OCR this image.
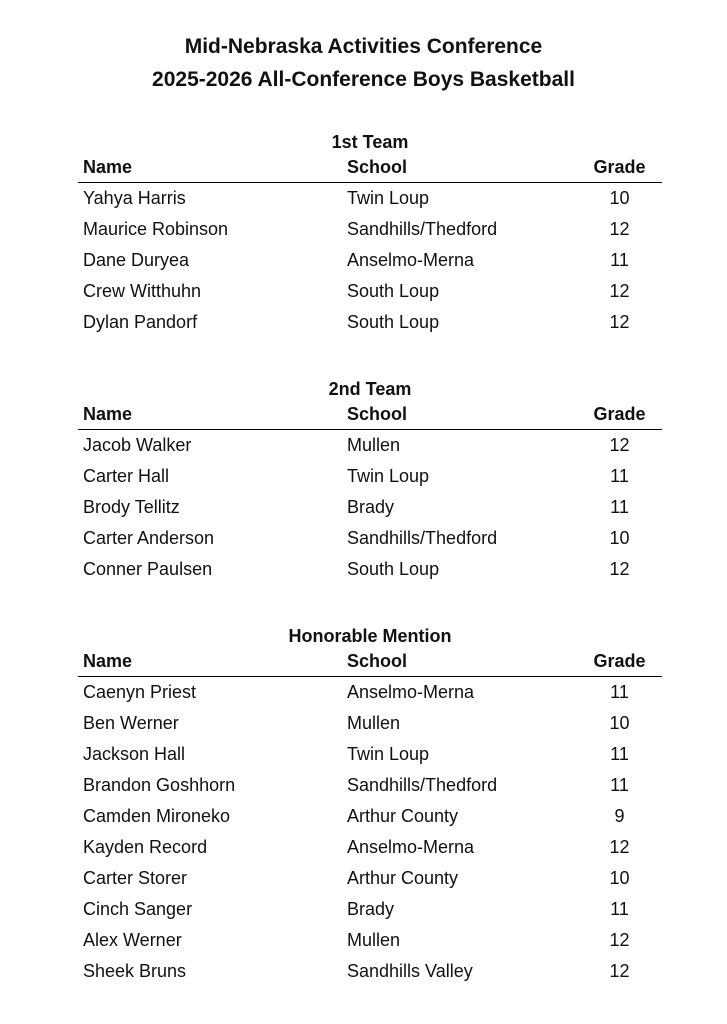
Mid-Nebraska Activities Conference
2025-2026 All-Conference Boys Basketball
1st Team
Name	School	Grade
Yahya Harris	Twin Loup	10
Maurice Robinson	Sandhills/Thedford	12
Dane Duryea	Anselmo-Merna	11
Crew Witthuhn	South Loup	12
Dylan Pandorf	South Loup	12
2nd Team
Name	School	Grade
Jacob Walker	Mullen	12
Carter Hall	Twin Loup	11
Brody Tellitz	Brady	11
Carter Anderson	Sandhills/Thedford	10
Conner Paulsen	South Loup	12
Honorable Mention
Name	School	Grade
Caenyn Priest	Anselmo-Merna	11
Ben Werner	Mullen	10
Jackson Hall	Twin Loup	11
Brandon Goshhorn	Sandhills/Thedford	11
Camden Mironeko	Arthur County	9
Kayden Record	Anselmo-Merna	12
Carter Storer	Arthur County	10
Cinch Sanger	Brady	11
Alex Werner	Mullen	12
Sheek Bruns	Sandhills Valley	12
